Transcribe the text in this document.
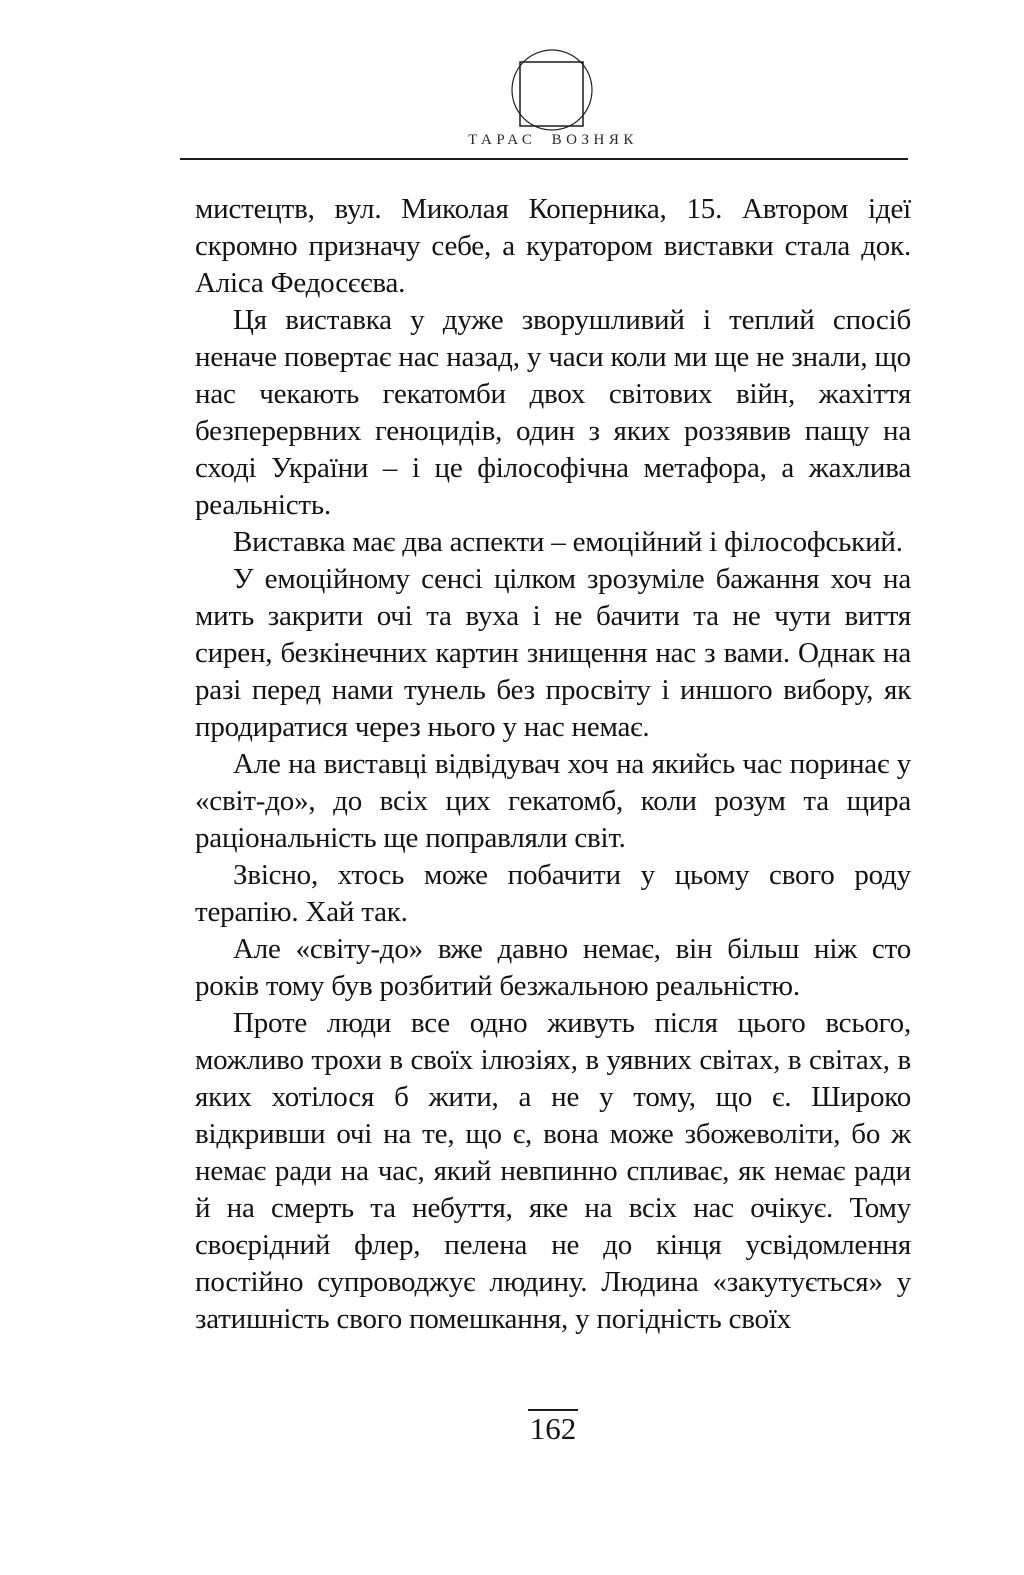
ТАРАС ВОЗНЯК

мистецтв, вул. Миколая Коперника, 15. Автором ідеї скромно призначу себе, а куратором виставки стала док. Аліса Федосєєва.

Ця виставка у дуже зворушливий і теплий спосіб неначе повертає нас назад, у часи коли ми ще не знали, що нас чекають гекатомби двох світових війн, жахіття безперервних геноцидів, один з яких роззявив пащу на сході України – і це філософічна метафора, а жахлива реальність.

Виставка має два аспекти – емоційний і філософський.

У емоційному сенсі цілком зрозуміле бажання хоч на мить закрити очі та вуха і не бачити та не чути виття сирен, безкінечних картин знищення нас з вами. Однак на разі перед нами тунель без просвіту і иншого вибору, як продиратися через нього у нас немає.

Але на виставці відвідувач хоч на якийсь час поринає у «світ-до», до всіх цих гекатомб, коли розум та щира раціональність ще поправляли світ.

Звісно, хтось може побачити у цьому свого роду терапію. Хай так.

Але «світу-до» вже давно немає, він більш ніж сто років тому був розбитий безжальною реальністю.

Проте люди все одно живуть після цього всього, можливо трохи в своїх ілюзіях, в уявних світах, в світах, в яких хотілося б жити, а не у тому, що є. Широко відкривши очі на те, що є, вона може збожеволіти, бо ж немає ради на час, який невпинно спливає, як немає ради й на смерть та небуття, яке на всіх нас очікує. Тому своєрідний флер, пелена не до кінця усвідомлення постійно супроводжує людину. Людина «закутується» у затишність свого помешкання, у погідність своїх

162
